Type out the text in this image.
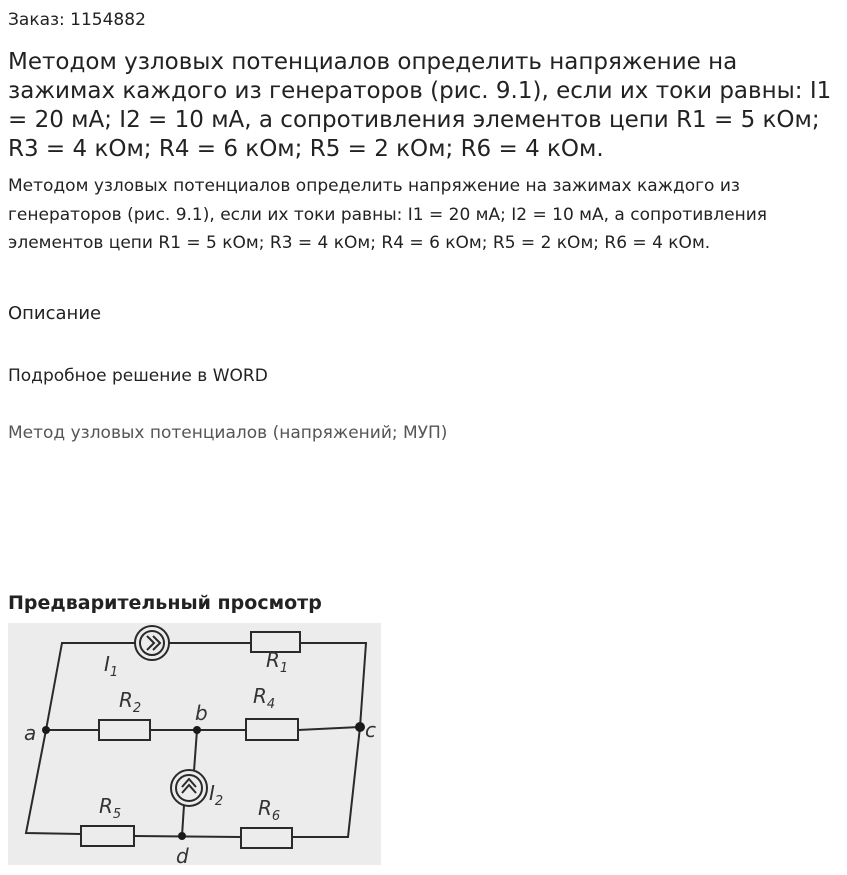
Заказ: 1154882
Методом узловых потенциалов определить напряжение на зажимах каждого из генераторов (рис. 9.1), если их токи равны: I1 = 20 мА; I2 = 10 мА, а сопротивления элементов цепи R1 = 5 кОм; R3 = 4 кОм; R4 = 6 кОм; R5 = 2 кОм; R6 = 4 кОм.

Методом узловых потенциалов определить напряжение на зажимах каждого из генераторов (рис. 9.1), если их токи равны: I1 = 20 мА; I2 = 10 мА, а сопротивления элементов цепи R1 = 5 кОм; R3 = 4 кОм; R4 = 6 кОм; R5 = 2 кОм; R6 = 4 кОм.

Описание
Подробное решение в WORD
Метод узловых потенциалов (напряжений; МУП)
Предварительный просмотр
$I_1$
$R_1$
$R_2$
$R_4$
$I_2$
$R_5$	$R_6$
a
b
c
d
